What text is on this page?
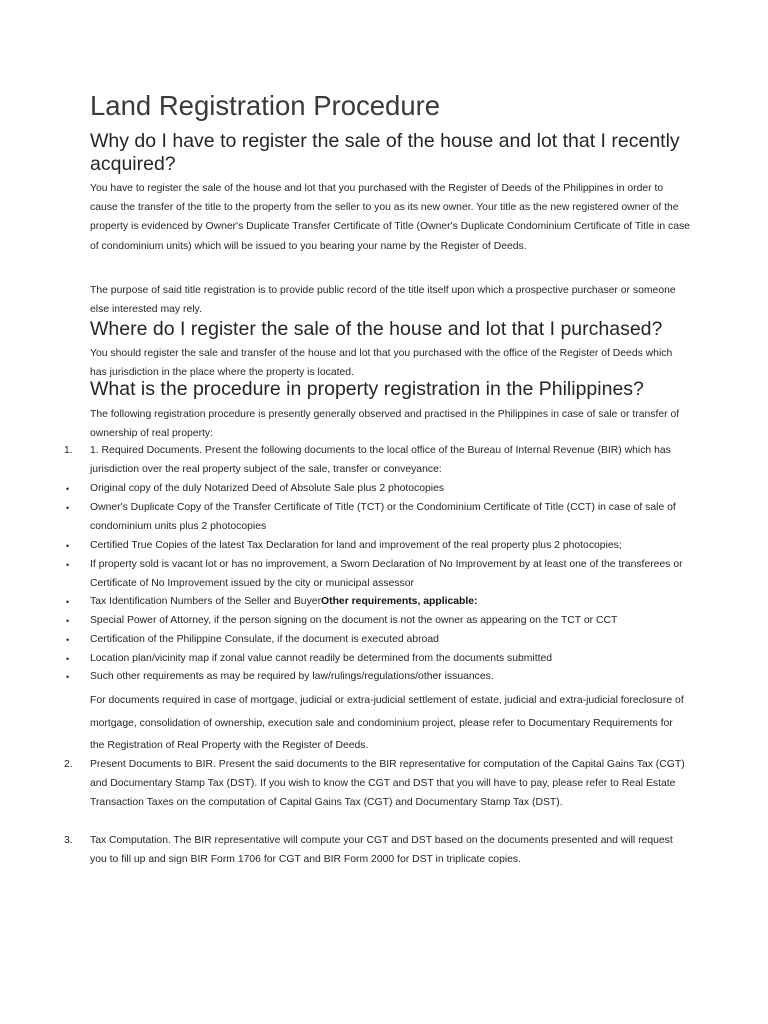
Land Registration Procedure
Why do I have to register the sale of the house and lot that I recently acquired?

You have to register the sale of the house and lot that you purchased with the Register of Deeds of the Philippines in order to cause the transfer of the title to the property from the seller to you as its new owner. Your title as the new registered owner of the property is evidenced by Owner's Duplicate Transfer Certificate of Title (Owner's Duplicate Condominium Certificate of Title in case of condominium units) which will be issued to you bearing your name by the Register of Deeds.

The purpose of said title registration is to provide public record of the title itself upon which a prospective purchaser or someone else interested may rely.

Where do I register the sale of the house and lot that I purchased?

You should register the sale and transfer of the house and lot that you purchased with the office of the Register of Deeds which has jurisdiction in the place where the property is located.

What is the procedure in property registration in the Philippines?

The following registration procedure is presently generally observed and practised in the Philippines in case of sale or transfer of ownership of real property:

1. 1. Required Documents. Present the following documents to the local office of the Bureau of Internal Revenue (BIR) which has jurisdiction over the real property subject of the sale, transfer or conveyance:

• Original copy of the duly Notarized Deed of Absolute Sale plus 2 photocopies

• Owner's Duplicate Copy of the Transfer Certificate of Title (TCT) or the Condominium Certificate of Title (CCT) in case of sale of condominium units plus 2 photocopies

• Certified True Copies of the latest Tax Declaration for land and improvement of the real property plus 2 photocopies;

• If property sold is vacant lot or has no improvement, a Sworn Declaration of No Improvement by at least one of the transferees or Certificate of No Improvement issued by the city or municipal assessor

• Tax Identification Numbers of the Seller and BuyerOther requirements, applicable:

• Special Power of Attorney, if the person signing on the document is not the owner as appearing on the TCT or CCT

• Certification of the Philippine Consulate, if the document is executed abroad

• Location plan/vicinity map if zonal value cannot readily be determined from the documents submitted

• Such other requirements as may be required by law/rulings/regulations/other issuances.

For documents required in case of mortgage, judicial or extra-judicial settlement of estate, judicial and extra-judicial foreclosure of mortgage, consolidation of ownership, execution sale and condominium project, please refer to Documentary Requirements for the Registration of Real Property with the Register of Deeds.

2. Present Documents to BIR. Present the said documents to the BIR representative for computation of the Capital Gains Tax (CGT) and Documentary Stamp Tax (DST). If you wish to know the CGT and DST that you will have to pay, please refer to Real Estate Transaction Taxes on the computation of Capital Gains Tax (CGT) and Documentary Stamp Tax (DST).

3. Tax Computation. The BIR representative will compute your CGT and DST based on the documents presented and will request you to fill up and sign BIR Form 1706 for CGT and BIR Form 2000 for DST in triplicate copies.
